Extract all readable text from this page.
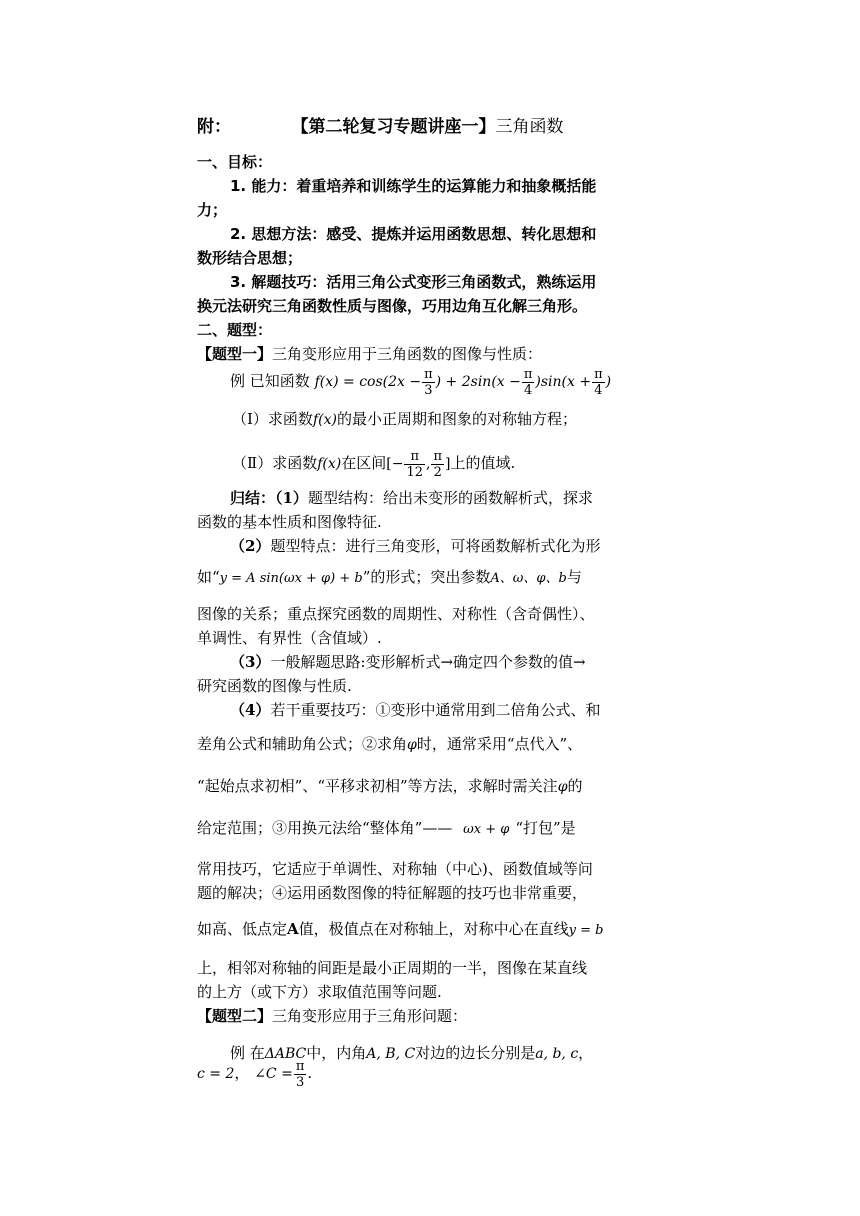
附：	【第二轮复习专题讲座一】三角函数
一、目标：
1. 能力：着重培养和训练学生的运算能力和抽象概括能
力；
2. 思想方法：感受、提炼并运用函数思想、转化思想和
数形结合思想；
3. 解题技巧：活用三角公式变形三角函数式，熟练运用
换元法研究三角函数性质与图像，巧用边角互化解三角形。
二、题型：
【题型一】三角变形应用于三角函数的图像与性质：
例 已知函数 $f(x) = \cos(2x - \frac{\pi}{3}$ ) + $2\sin(x - \frac{\pi}{4} )\sin(x + \frac{\pi}{4}$ )
（Ⅰ）求函数f(x)的最小正周期和图象的对称轴方程；
（Ⅱ）求函数f(x)在区间[− $\frac{\pi}{12}$ , $\frac{\pi}{2}$ ]上的值域.
归结：（1）题型结构：给出未变形的函数解析式，探求
函数的基本性质和图像特征.
（2）题型特点：进行三角变形，可将函数解析式化为形
如“y = A sin(ωx + φ) + b”的形式；突出参数A、ω、φ、b与
图像的关系；重点探究函数的周期性、对称性（含奇偶性）、
单调性、有界性（含值域）.
（3）一般解题思路:变形解析式→确定四个参数的值→
研究函数的图像与性质.
（4）若干重要技巧：①变形中通常用到二倍角公式、和
差角公式和辅助角公式；②求角φ时，通常采用“点代入”、
“起始点求初相”、“平移求初相”等方法，求解时需关注φ的
给定范围；③用换元法给“整体角”—— ωx + φ “打包”是
常用技巧，它适应于单调性、对称轴（中心)、函数值域等问
题的解决；④运用函数图像的特征解题的技巧也非常重要，
如高、低点定A值，极值点在对称轴上，对称中心在直线y = b
上，相邻对称轴的间距是最小正周期的一半，图像在某直线
的上方（或下方）求取值范围等问题.
【题型二】三角变形应用于三角形问题：
例 在ΔABC中，内角A, B, C对边的边长分别是a, b, c，
c = 2， ∠C = $\frac{\pi}{3}$ .
